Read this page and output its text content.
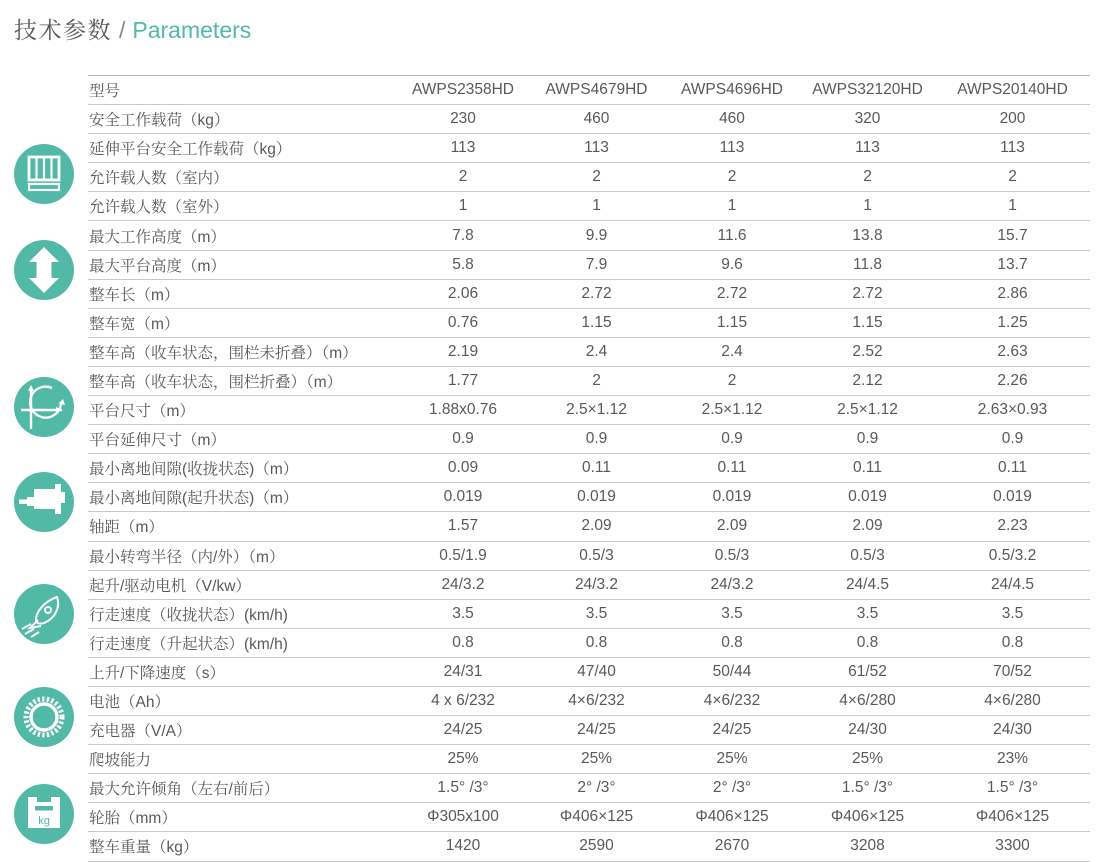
技术参数 / Parameters
kg
型号	AWPS2358HD	AWPS4679HD	AWPS4696HD	AWPS32120HD	AWPS20140HD
安全工作载荷（kg）	230	460	460	320	200
延伸平台安全工作载荷（kg）	113	113	113	113	113
允许载人数（室内）	2	2	2	2	2
允许载人数（室外）	1	1	1	1	1
最大工作高度（m）	7.8	9.9	11.6	13.8	15.7
最大平台高度（m）	5.8	7.9	9.6	11.8	13.7
整车长（m）	2.06	2.72	2.72	2.72	2.86
整车宽（m）	0.76	1.15	1.15	1.15	1.25
整车高（收车状态，围栏未折叠）（m）	2.19	2.4	2.4	2.52	2.63
整车高（收车状态，围栏折叠）（m）	1.77	2	2	2.12	2.26
平台尺寸（m）	1.88x0.76	2.5×1.12	2.5×1.12	2.5×1.12	2.63×0.93
平台延伸尺寸（m）	0.9	0.9	0.9	0.9	0.9
最小离地间隙(收拢状态)（m）	0.09	0.11	0.11	0.11	0.11
最小离地间隙(起升状态)（m）	0.019	0.019	0.019	0.019	0.019
轴距（m）	1.57	2.09	2.09	2.09	2.23
最小转弯半径（内/外）（m）	0.5/1.9	0.5/3	0.5/3	0.5/3	0.5/3.2
起升/驱动电机（V/kw）	24/3.2	24/3.2	24/3.2	24/4.5	24/4.5
行走速度（收拢状态）(km/h)	3.5	3.5	3.5	3.5	3.5
行走速度（升起状态）(km/h)	0.8	0.8	0.8	0.8	0.8
上升/下降速度（s）	24/31	47/40	50/44	61/52	70/52
电池（Ah）	4 x 6/232	4×6/232	4×6/232	4×6/280	4×6/280
充电器（V/A）	24/25	24/25	24/25	24/30	24/30
爬坡能力	25%	25%	25%	25%	23%
最大允许倾角（左右/前后）	1.5° /3°	2° /3°	2° /3°	1.5° /3°	1.5° /3°
轮胎（mm）	Φ305x100	Φ406×125	Φ406×125	Φ406×125	Φ406×125
整车重量（kg）	1420	2590	2670	3208	3300
